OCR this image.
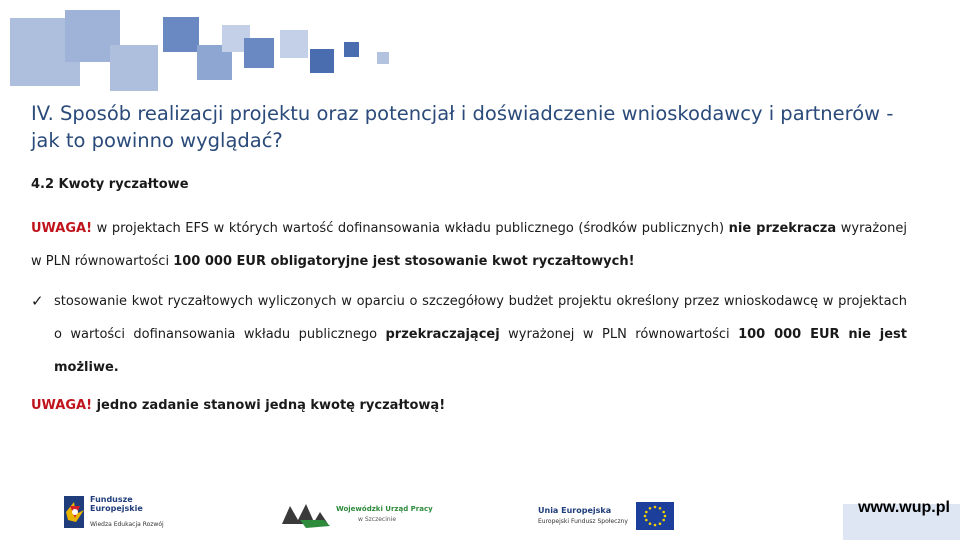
IV. Sposób realizacji projektu oraz potencjał i doświadczenie wnioskodawcy i partnerów - jak to powinno wyglądać?

4.2 Kwoty ryczałtowe

UWAGA! w projektach EFS w których wartość dofinansowania wkładu publicznego (środków publicznych) nie przekracza wyrażonej w PLN równowartości 100 000 EUR obligatoryjne jest stosowanie kwot ryczałtowych!

✓ stosowanie kwot ryczałtowych wyliczonych w oparciu o szczegółowy budżet projektu określony przez wnioskodawcę w projektach o wartości dofinansowania wkładu publicznego przekraczającej wyrażonej w PLN równowartości 100 000 EUR nie jest możliwe.

UWAGA! jedno zadanie stanowi jedną kwotę ryczałtową!

Fundusze
Europejskie
Wiedza Edukacja Rozwój
Wojewódzki Urząd Pracy
w Szczecinie
Unia Europejska
Europejski Fundusz Społeczny
www.wup.pl
